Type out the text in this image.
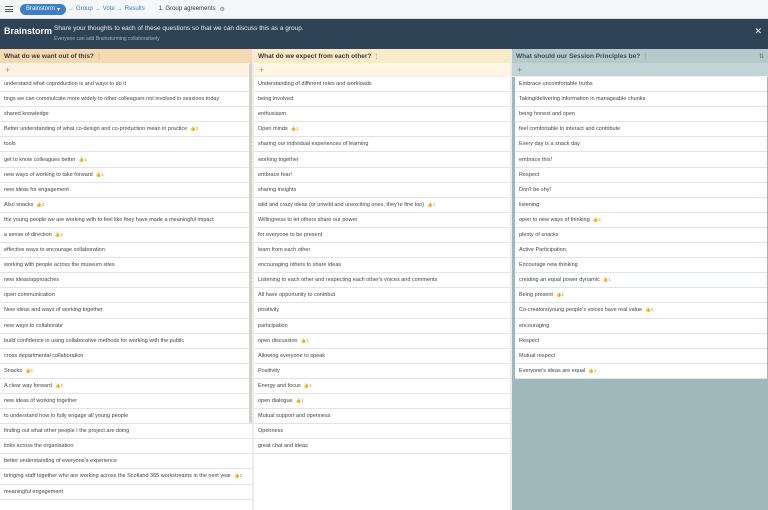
Brainstorm ▾ → Group → Vote → Results 1. Group agreements ⚙
Brainstorm Share your thoughts to each of these questions so that we can discuss this as a group.
Everyone can add Brainstorming collaboratively
✕
What do we want out of this? ⋮
+
understand what coproduction is and ways to do it
tings we can commulcate more widely to other colleagues not involved in sessions today
shared knowledge
Better understanding of what co-design and co-production mean in practice 👍3
tools
get to know colleagues better 👍1
new ways of working to take forward 👍1
new ideas for engagement
Also snacks 👍2
the young people we are working with to feel like they have made a meaningful impact
a sense of direction 👍2
effective ways to encourage collaboration
working with people across the museum sites
new ideas/approaches
open communication
New ideas and ways of working together
new ways to collaborate
build confidence in using collaborative methods for working with the public
cross departmental collaboration
Snacks 👍1
A clear way forward 👍1
new ideas of working together
to understand how to fully engage all young people
finding out what other people I the project are doing
links across the organisation
better understanding of everyone's experience
bringing staff together who are working across the Scotland 365 workstreams in the next year 👍2
meaningful engagement
What do we expect from each other? ⋮
+
Understanding of different roles and workloads
being involved
enthusiasm
Open minds 👍1
sharing our individual experiences of learning
working together
embrace fear!
sharing insights
wild and crazy ideas (or unwild and unexciting ones, they're fine too) 👍1
Willingness to let others share our power
for everyone to be present
learn from each other
encouraging others to share ideas
Listening to each other and respecting each other's voices and comments
All have opportunity to contribut
positivity
participation
open discussion 👍1
Allowing everyone to speak
Positivity
Energy and focus 👍1
open dialogue 👍1
Mutual support and openness
Openness
great chat and ideas
What should our Session Principles be? ⋮	⇅
+
Embrace uncomfortable truths
Taking/delivering information in manageable chunks
being honest and open
feel comfortable to interact and contribute
Every day is a snack day
embrace this!
Respect
Don't be shy!
listening
open to new ways of thinking 👍4
plenty of snacks
Active Participation
Encourage new thinking
creating an equal power dynamic 👍1
Being present 👍1
Co-creators/young people's voices have real value 👍2
encouraging
Respect
Mutual respect
Everyone's ideas are equal 👍2
